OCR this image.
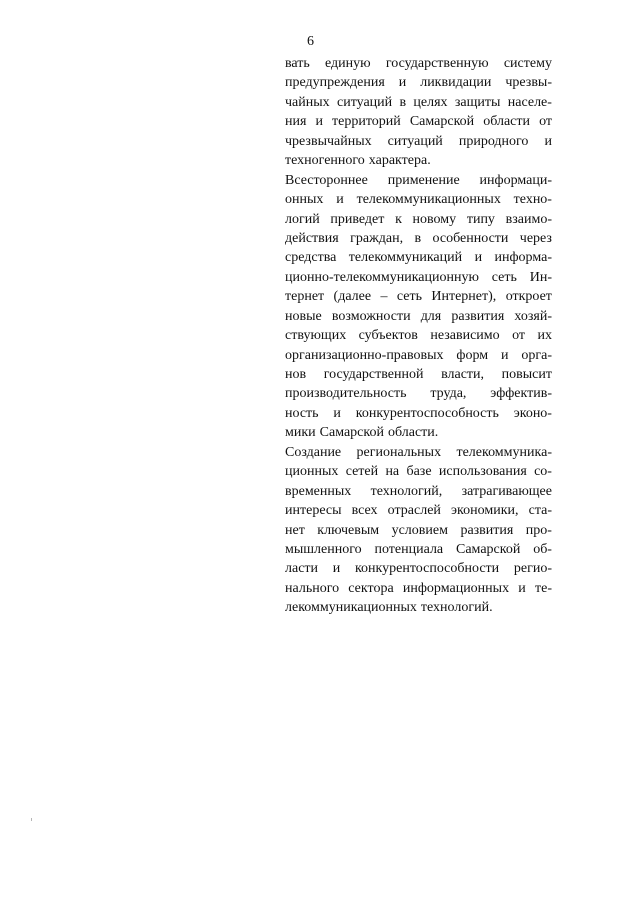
6
вать единую государственную систему
предупреждения и ликвидации чрезвы-
чайных ситуаций в целях защиты населе-
ния и территорий Самарской области от
чрезвычайных ситуаций природного и
техногенного характера.
Всестороннее применение информаци-
онных и телекоммуникационных техно-
логий приведет к новому типу взаимо-
действия граждан, в особенности через
средства телекоммуникаций и информа-
ционно-телекоммуникационную сеть Ин-
тернет (далее – сеть Интернет), откроет
новые возможности для развития хозяй-
ствующих субъектов независимо от их
организационно-правовых форм и орга-
нов государственной власти, повысит
производительность труда, эффектив-
ность и конкурентоспособность эконо-
мики Самарской области.
Создание региональных телекоммуника-
ционных сетей на базе использования со-
временных технологий, затрагивающее
интересы всех отраслей экономики, ста-
нет ключевым условием развития про-
мышленного потенциала Самарской об-
ласти и конкурентоспособности регио-
нального сектора информационных и те-
лекоммуникационных технологий.
